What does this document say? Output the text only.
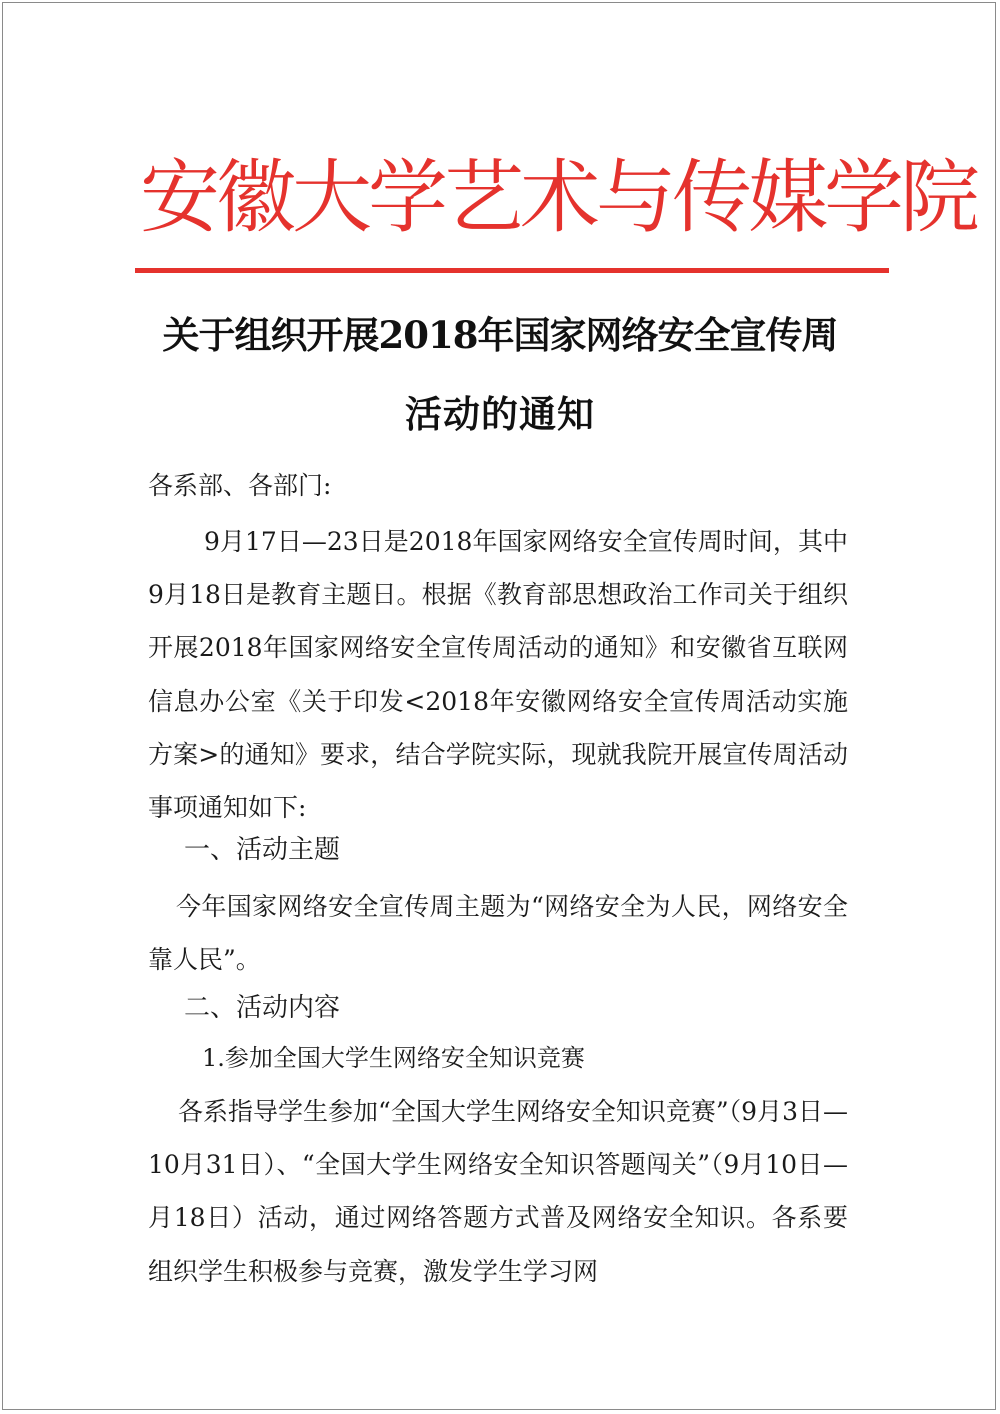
安徽大学艺术与传媒学院
关于组织开展2018年国家网络安全宣传周
活动的通知
各系部、各部门:
9月17日—23日是2018年国家网络安全宣传周时间，其中9月18日是教育主题日。根据《教育部思想政治工作司关于组织开展2018年国家网络安全宣传周活动的通知》和安徽省互联网信息办公室《关于印发<2018年安徽网络安全宣传周活动实施方案>的通知》要求，结合学院实际，现就我院开展宣传周活动事项通知如下:
一、活动主题
今年国家网络安全宣传周主题为“网络安全为人民，网络安全靠人民”。
二、活动内容
1.参加全国大学生网络安全知识竞赛
各系指导学生参加“全国大学生网络安全知识竞赛”（9月3日—10月31日）、“全国大学生网络安全知识答题闯关”（9月10日—月18日）活动，通过网络答题方式普及网络安全知识。各系要组织学生积极参与竞赛，激发学生学习网
